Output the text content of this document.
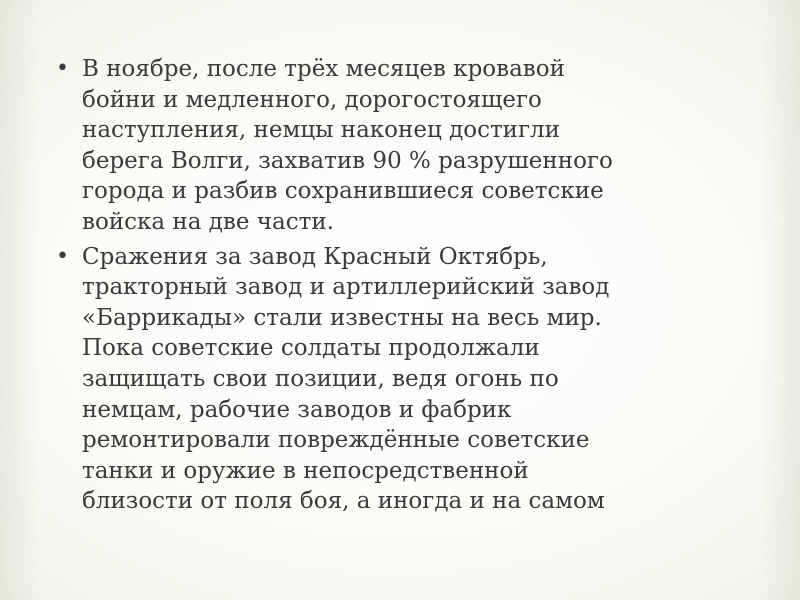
• В ноябре, после трёх месяцев кровавой
бойни и медленного, дорогостоящего
наступления, немцы наконец достигли
берега Волги, захватив 90 % разрушенного
города и разбив сохранившиеся советские
войска на две части.
• Сражения за завод Красный Октябрь,
тракторный завод и артиллерийский завод
«Баррикады» стали известны на весь мир.
Пока советские солдаты продолжали
защищать свои позиции, ведя огонь по
немцам, рабочие заводов и фабрик
ремонтировали повреждённые советские
танки и оружие в непосредственной
близости от поля боя, а иногда и на самом
